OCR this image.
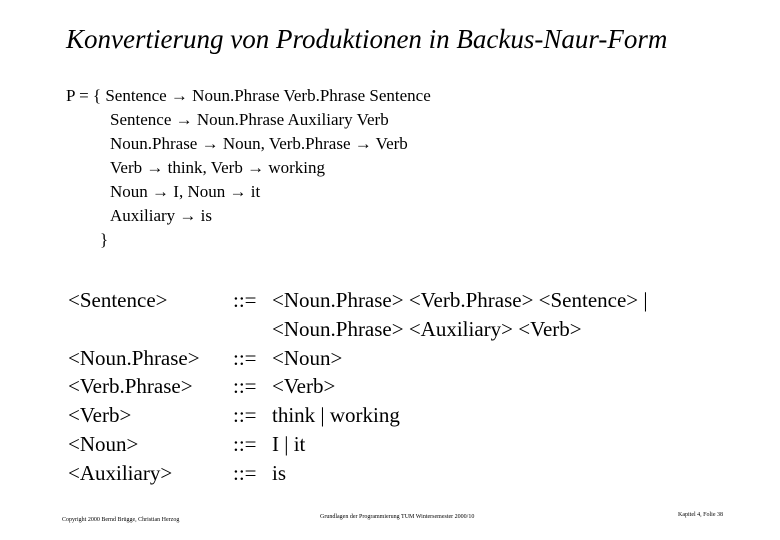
Konvertierung von Produktionen in Backus-Naur-Form
P = { Sentence → Noun.Phrase Verb.Phrase Sentence
Sentence → Noun.Phrase Auxiliary Verb
Noun.Phrase → Noun, Verb.Phrase → Verb
Verb → think, Verb → working
Noun → I, Noun → it
Auxiliary → is
}
<Sentence>	::= <Noun.Phrase> <Verb.Phrase> <Sentence> |
<Noun.Phrase> <Auxiliary> <Verb>
<Noun.Phrase> ::= <Noun>
<Verb.Phrase> ::= <Verb>
<Verb>	::= think | working
<Noun>	::= I | it
<Auxiliary>	::= is
Copyright 2000 Bernd Brügge, Christian Herzog	Grundlagen der Programmierung TUM Wintersemester 2000/10	Kapitel 4, Folie 38
